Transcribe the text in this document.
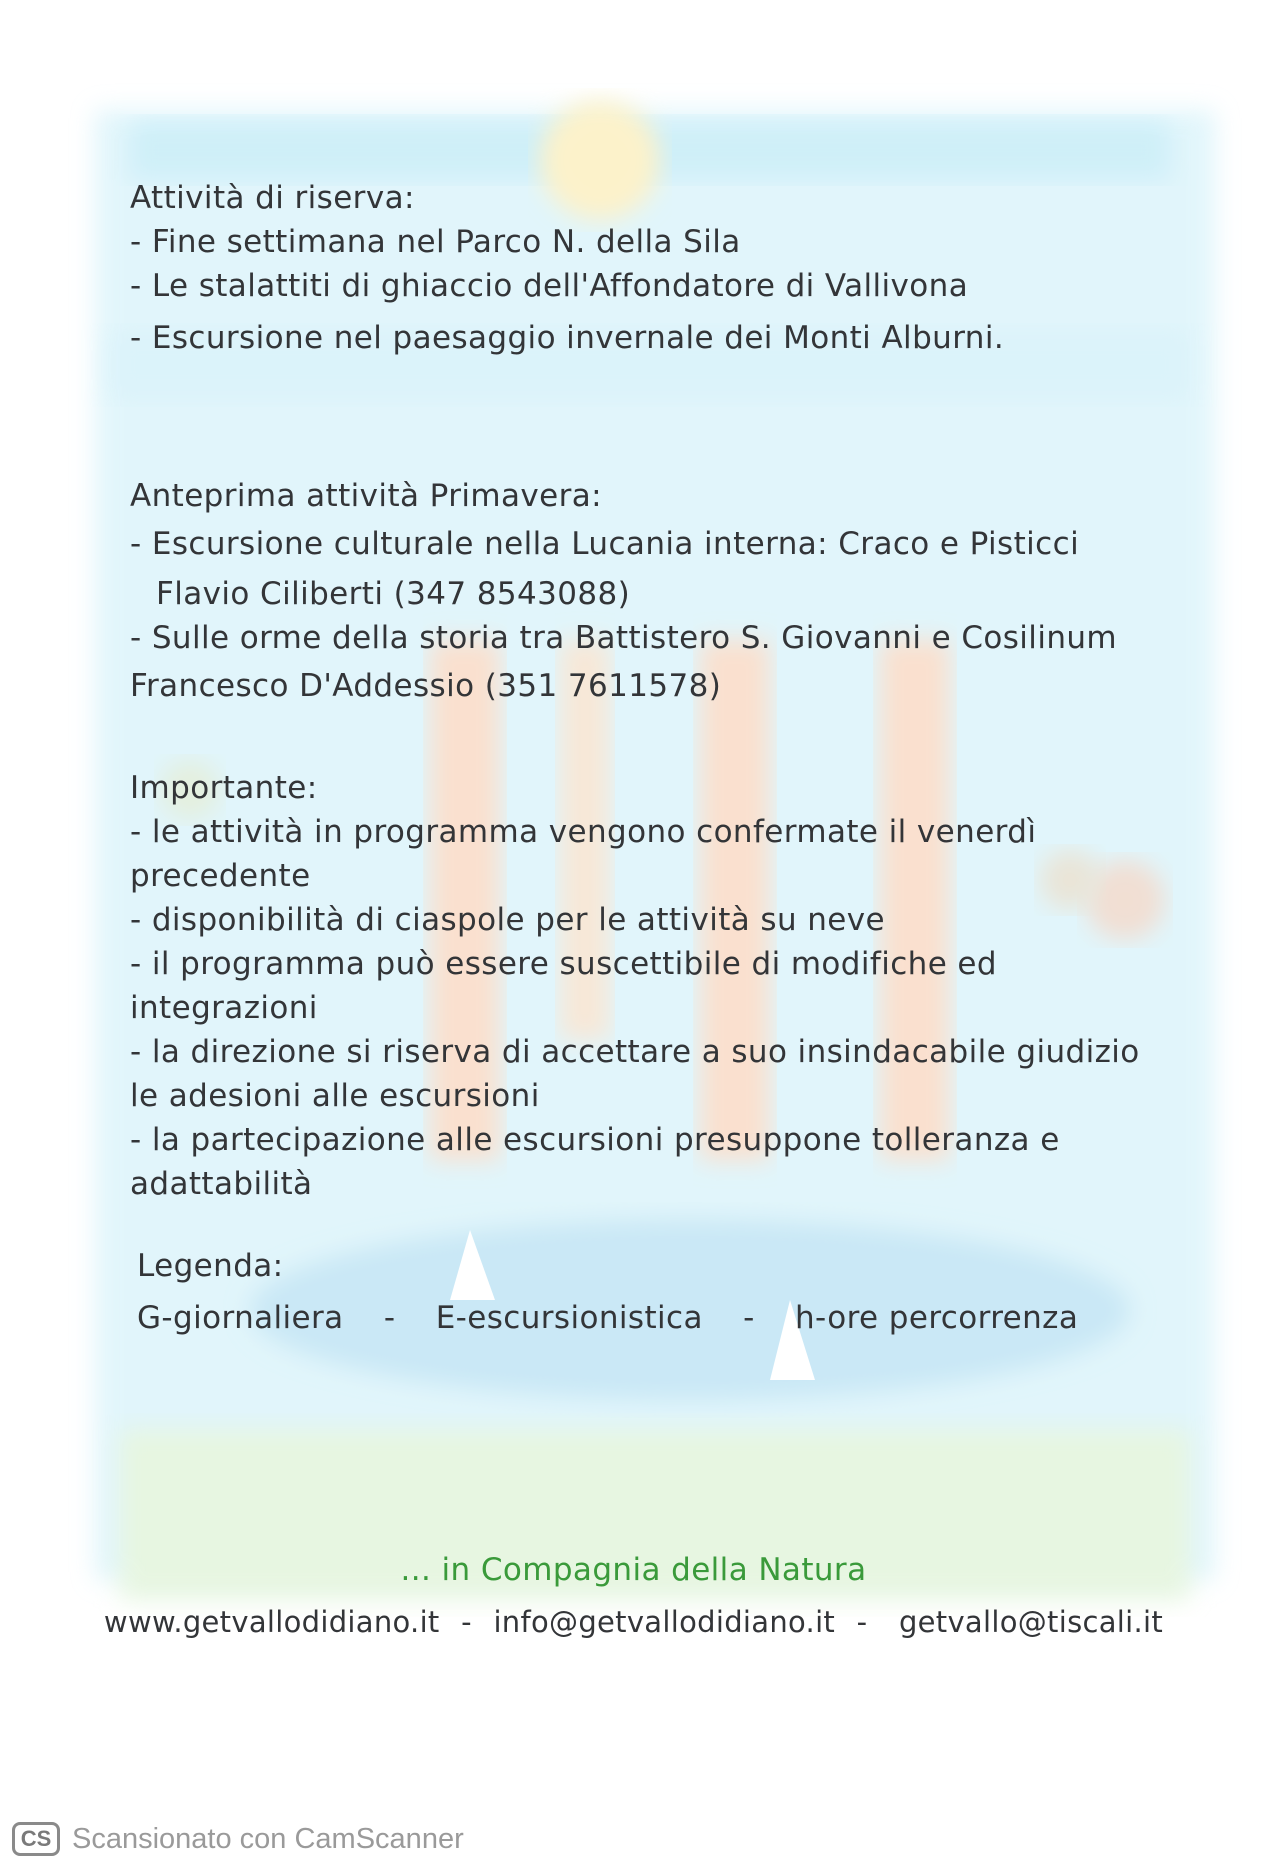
Attività di riserva:
- Fine settimana nel Parco N. della Sila
- Le stalattiti di ghiaccio dell'Affondatore di Vallivona
- Escursione nel paesaggio invernale dei Monti Alburni.
Anteprima attività Primavera:
- Escursione culturale nella Lucania interna: Craco e Pisticci
Flavio Ciliberti (347 8543088)
- Sulle orme della storia tra Battistero S. Giovanni e Cosilinum
Francesco D'Addessio (351 7611578)
Importante:
- le attività in programma vengono confermate il venerdì
precedente
- disponibilità di ciaspole per le attività su neve
- il programma può essere suscettibile di modifiche ed
integrazioni
- la direzione si riserva di accettare a suo insindacabile giudizio
le adesioni alle escursioni
- la partecipazione alle escursioni presuppone tolleranza e
adattabilità
Legenda:
G-giornaliera - E-escursionistica - h-ore percorrenza
... in Compagnia della Natura
www.getvallodidiano.it - info@getvallodidiano.it - getvallo@tiscali.it
CS Scansionato con CamScanner
